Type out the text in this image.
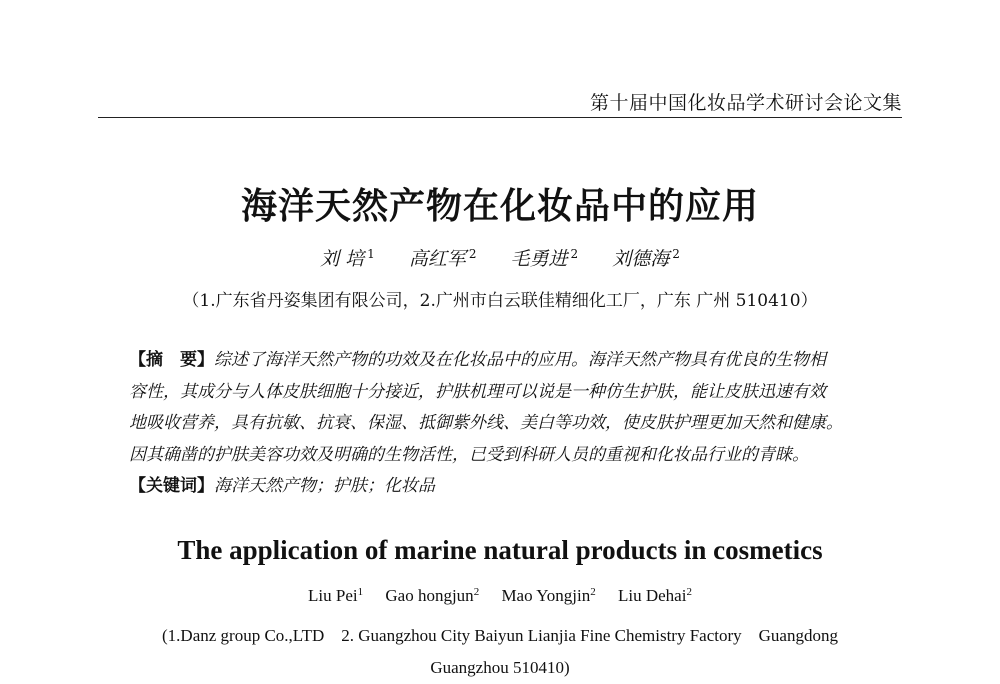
第十届中国化妆品学术研讨会论文集
海洋天然产物在化妆品中的应用
刘 培 $^1$ 高红军 $^2$ 毛勇进 $^2$ 刘德海 $^2$
（1.广东省丹姿集团有限公司，2.广州市白云联佳精细化工厂，广东 广州 510410）
【摘　要】综述了海洋天然产物的功效及在化妆品中的应用。海洋天然产物具有优良的生物相
容性，其成分与人体皮肤细胞十分接近，护肤机理可以说是一种仿生护肤，能让皮肤迅速有效
地吸收营养，具有抗敏、抗衰、保湿、抵御紫外线、美白等功效，使皮肤护理更加天然和健康。
因其确凿的护肤美容功效及明确的生物活性，已受到科研人员的重视和化妆品行业的青睐。
【关键词】海洋天然产物；护肤；化妆品
The application of marine natural products in cosmetics
Liu Pei$^1$ Gao hongjun$^2$ Mao Yongjin$^2$ Liu Dehai$^2$
(1.Danz group Co.,LTD　2. Guangzhou City Baiyun Lianjia Fine Chemistry Factory　Guangdong
Guangzhou 510410)
